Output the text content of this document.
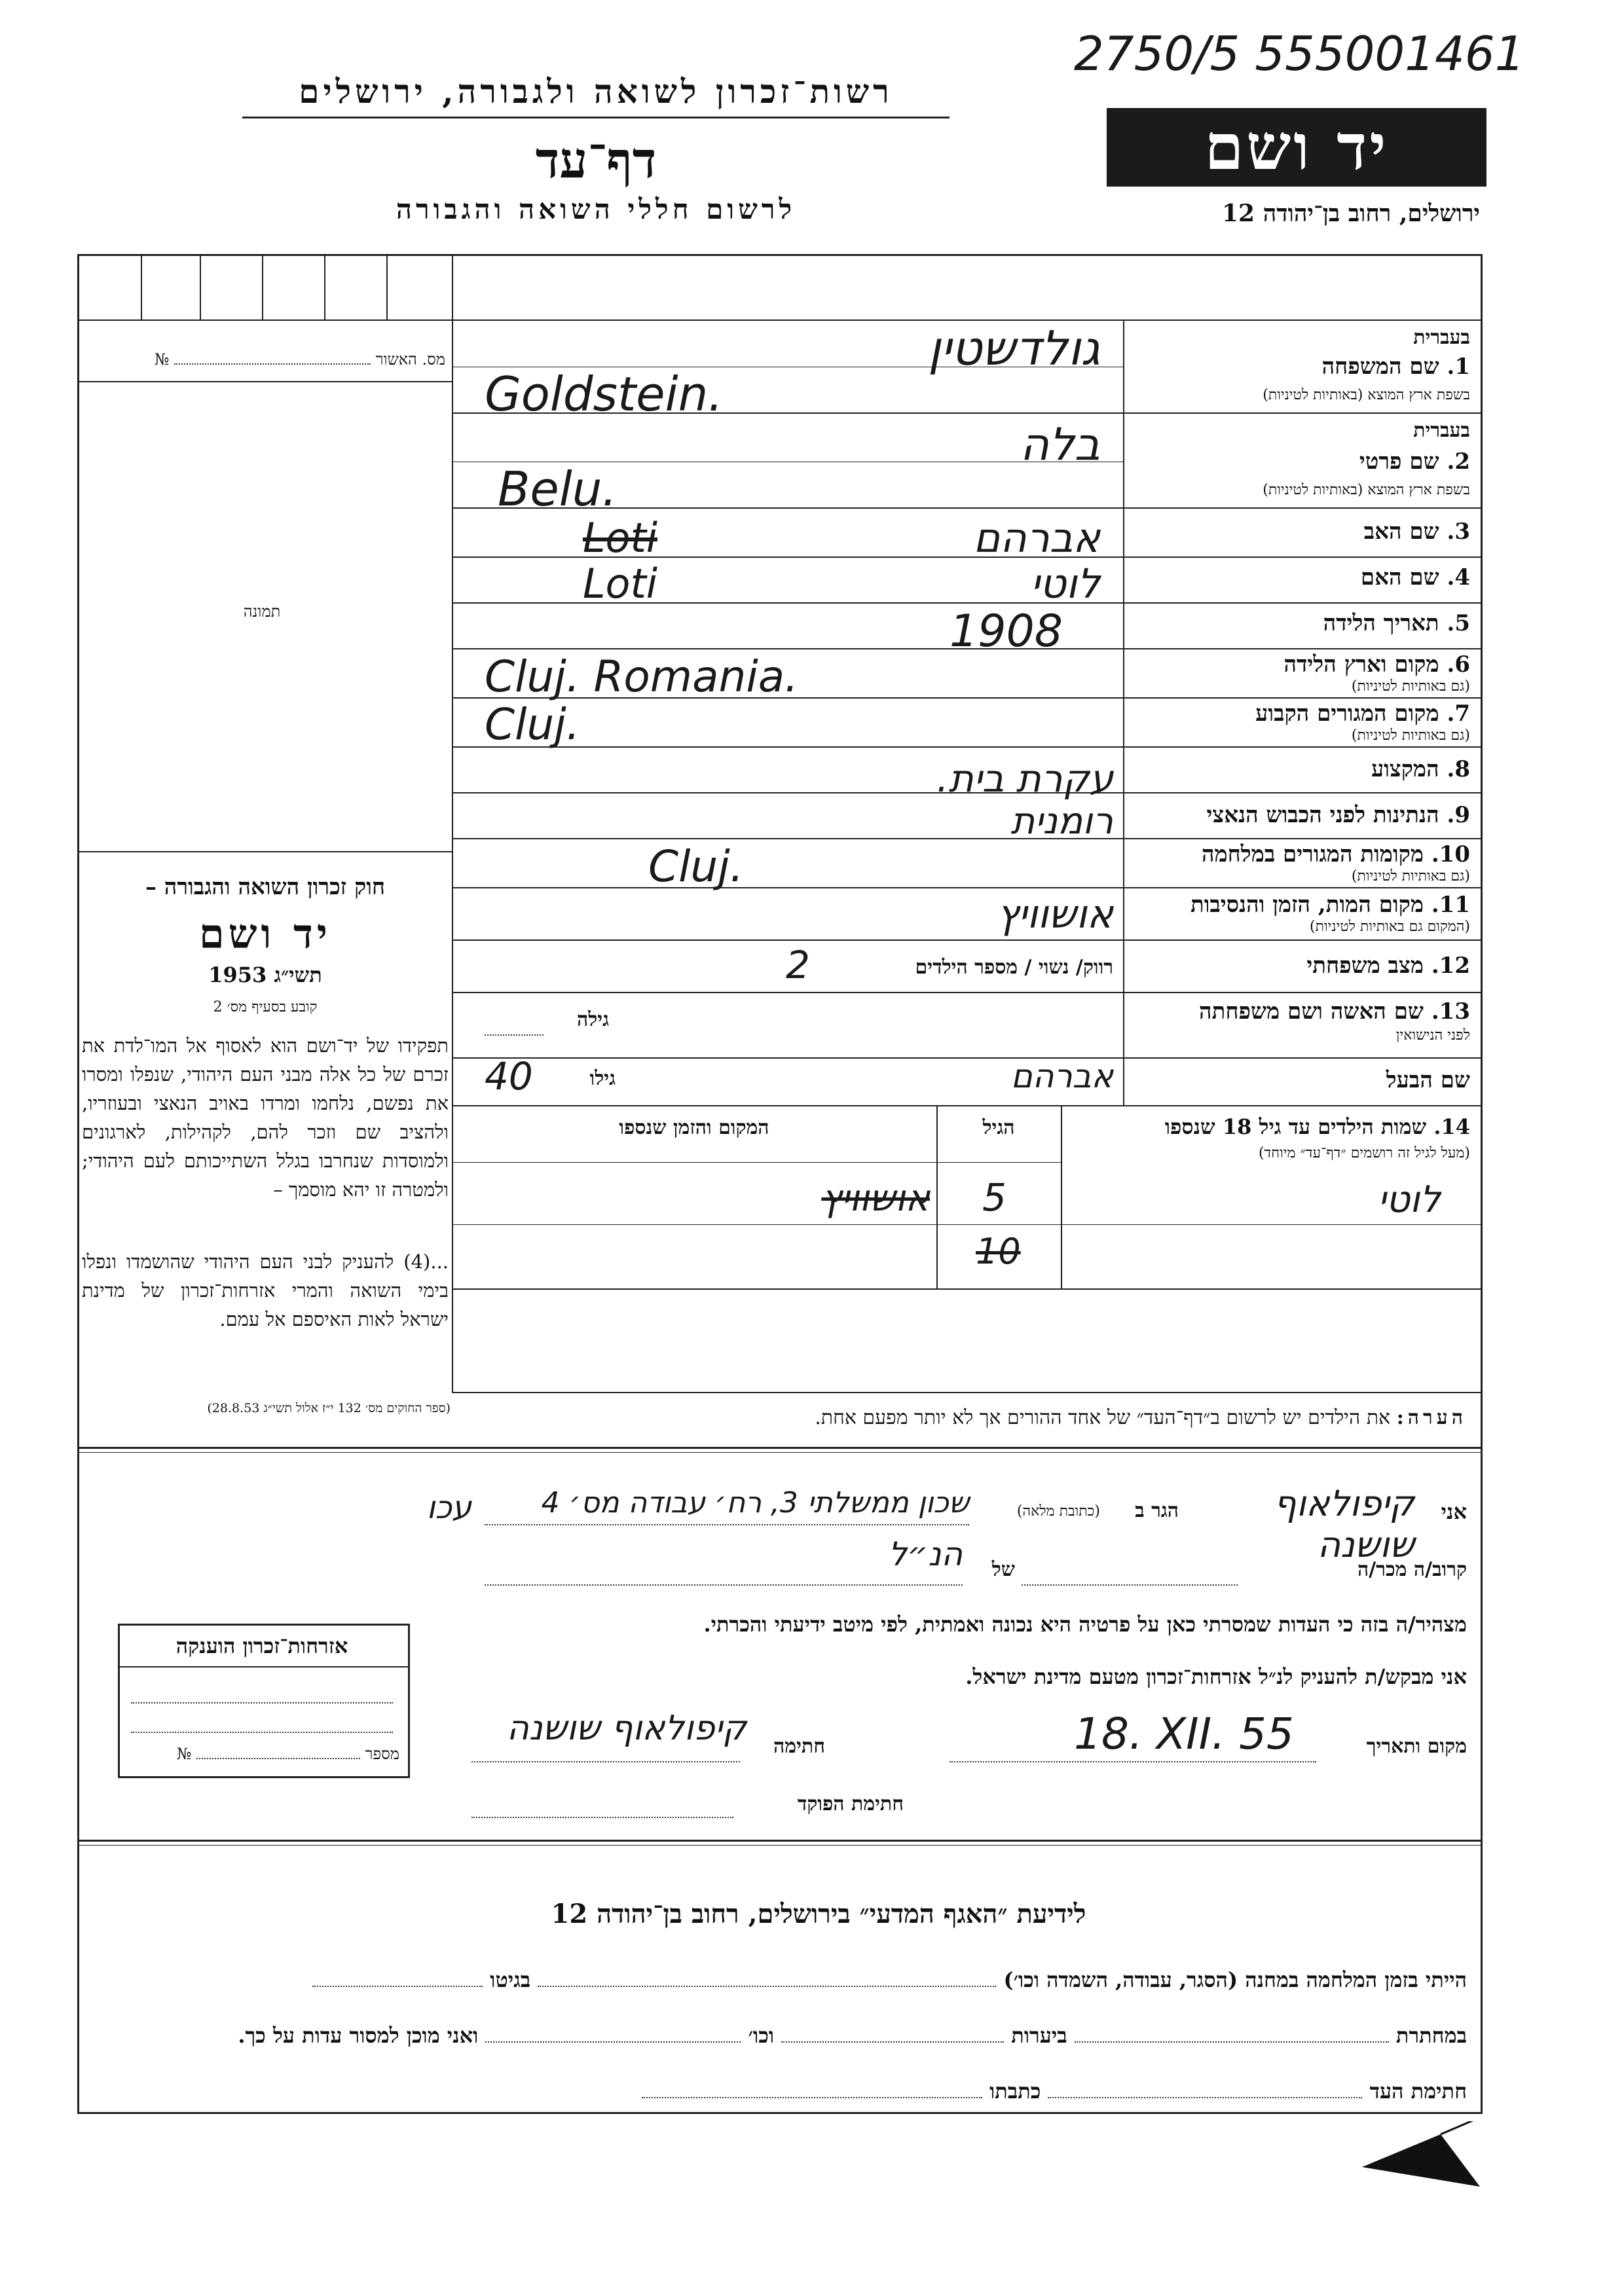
רשות־זכרון לשואה ולגבורה, ירושלים
דף־עד
לרשום חללי השואה והגבורה
2750/5 555001461
יד ושם
ירושלים, רחוב בן־יהודה 12
מס. האשור  №
תמונה
חוק זכרון השואה והגבורה –
יד ושם
תשי״ג 1953
קובע בסעיף מס׳ 2
תפקידו של יד־ושם הוא לאסוף אל המו־לדת את זכרם של כל אלה מבני העם היהודי, שנפלו ומסרו את נפשם, נלחמו ומרדו באויב הנאצי ובעוזריו, ולהציב שם וזכר להם, לקהילות, לארגונים ולמוסדות שנחרבו בגלל השתייכותם לעם היהודי; ולמטרה זו יהא מוסמך –
...(4) להעניק לבני העם היהודי שהושמדו ונפלו בימי השואה והמרי אזרחות־זכרון של מדינת ישראל לאות האיספם אל עמם.
(ספר החוקים מס׳ 132 י״ז אלול תשי״ג 28.8.53)
בעברית
1. שם המשפחה
בשפת ארץ המוצא (באותיות לטיניות)
בעברית
2. שם פרטי
בשפת ארץ המוצא (באותיות לטיניות)
3. שם האב
4. שם האם
5. תאריך הלידה
6. מקום וארץ הלידה
(גם באותיות לטיניות)
7. מקום המגורים הקבוע
(גם באותיות לטיניות)
8. המקצוע
9. הנתינות לפני הכבוש הנאצי
10. מקומות המגורים במלחמה
(גם באותיות לטיניות)
11. מקום המות, הזמן והנסיבות
(המקום גם באותיות לטיניות)
12. מצב משפחתי
13. שם האשה ושם משפחתה
לפני הנישואין
שם הבעל
גולדשטין
Goldstein.
בלה
Belu.
Loti	אברהם
Loti	לוטי
1908
Cluj. Romania.
Cluj.
עקרת בית.
רומנית
Cluj.
אושוויץ
רווק/ נשוי / מספר הילדים
2
גילה
אברהם
גילו
40
14. שמות הילדים עד גיל 18 שנספו
(מעל לגיל זה רושמים ״דף־עד״ מיוחד)
הגיל
המקום והזמן שנספו
לוטי
5
אושוויץ
10
הערה: את הילדים יש לרשום ב״דף־העד״ של אחד ההורים אך לא יותר מפעם אחת.
אני
קיפולאוף שושנה
הגר ב
(כתובת מלאה)
שכון ממשלתי 3, רח׳ עבודה מס׳ 4
עכו
קרוב/ה מכר/ה
של
הנ״ל
מצהיר/ה בזה כי העדות שמסרתי כאן על פרטיה היא נכונה ואמתית, לפי מיטב ידיעתי והכרתי.
אני מבקש/ת להעניק לנ״ל אזרחות־זכרון מטעם מדינת ישראל.
מקום ותאריך
18. XII. 55
חתימה
קיפולאוף שושנה
חתימת הפוקד
אזרחות־זכרון הוענקה
מספר  №
לידיעת ״האגף המדעי״ בירושלים, רחוב בן־יהודה 12
הייתי בזמן המלחמה במחנה (הסגר, עבודה, השמדה וכו׳)  בגיטו
במחתרת  ביערות  וכו׳  ואני מוכן למסור עדות על כך.
חתימת העד  כתבתו
